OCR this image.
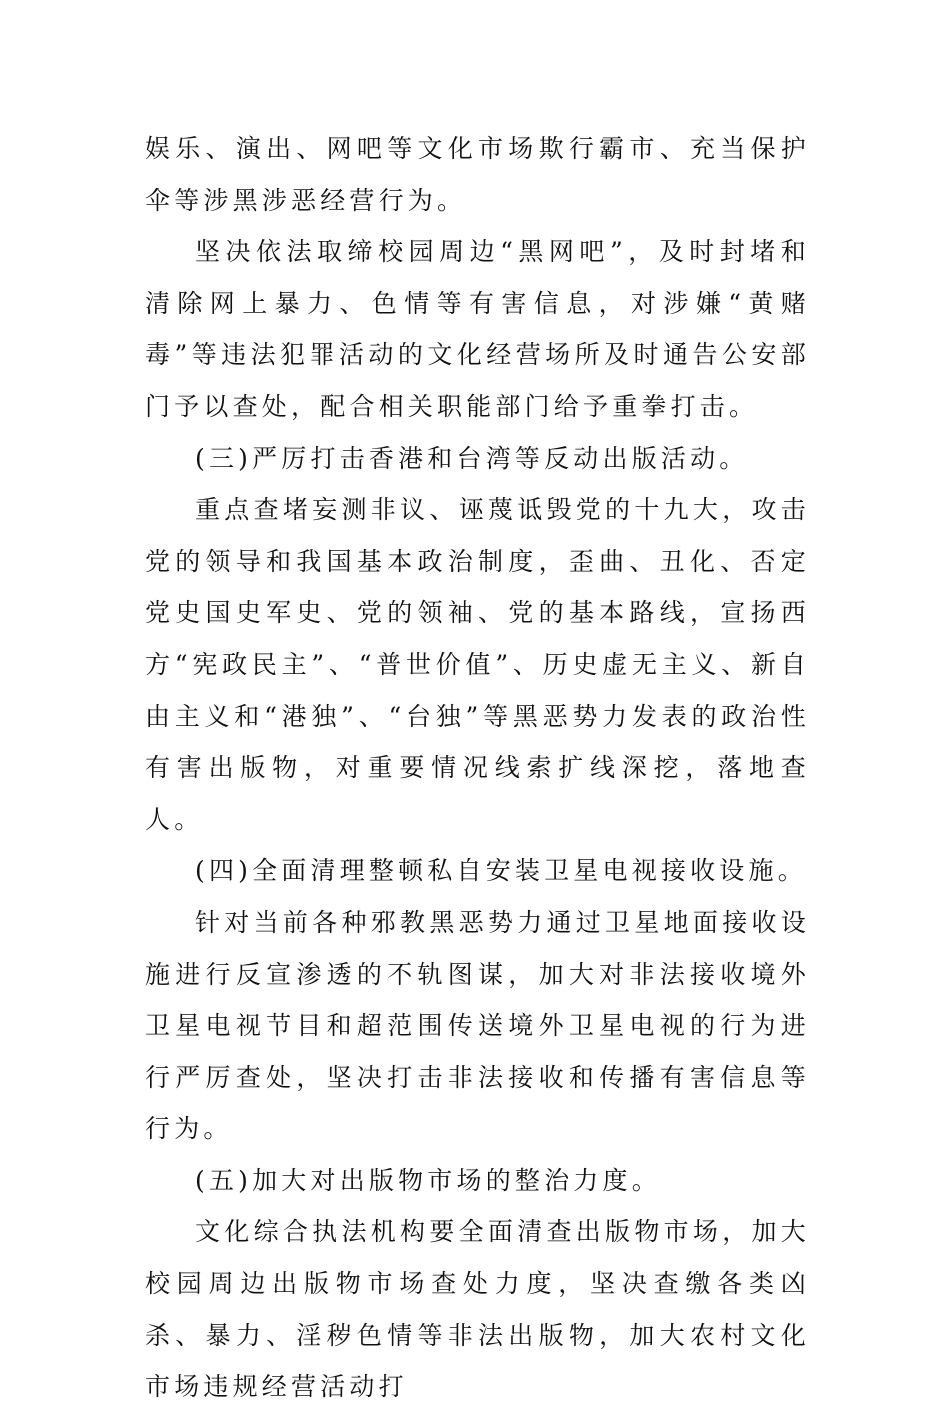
娱乐、演出、网吧等文化市场欺行霸市、充当保护伞等涉黑涉恶经营行为。

坚决依法取缔校园周边“黑网吧”，及时封堵和清除网上暴力、色情等有害信息，对涉嫌“黄赌毒”等违法犯罪活动的文化经营场所及时通告公安部门予以查处，配合相关职能部门给予重拳打击。

(三)严厉打击香港和台湾等反动出版活动。

重点查堵妄测非议、诬蔑诋毁党的十九大，攻击党的领导和我国基本政治制度，歪曲、丑化、否定党史国史军史、党的领袖、党的基本路线，宣扬西方“宪政民主”、“普世价值”、历史虚无主义、新自由主义和“港独”、“台独”等黑恶势力发表的政治性有害出版物，对重要情况线索扩线深挖，落地查人。

(四)全面清理整顿私自安装卫星电视接收设施。

针对当前各种邪教黑恶势力通过卫星地面接收设施进行反宣渗透的不轨图谋，加大对非法接收境外卫星电视节目和超范围传送境外卫星电视的行为进行严厉查处，坚决打击非法接收和传播有害信息等行为。

(五)加大对出版物市场的整治力度。

文化综合执法机构要全面清查出版物市场，加大校园周边出版物市场查处力度，坚决查缴各类凶杀、暴力、淫秽色情等非法出版物，加大农村文化市场违规经营活动打
